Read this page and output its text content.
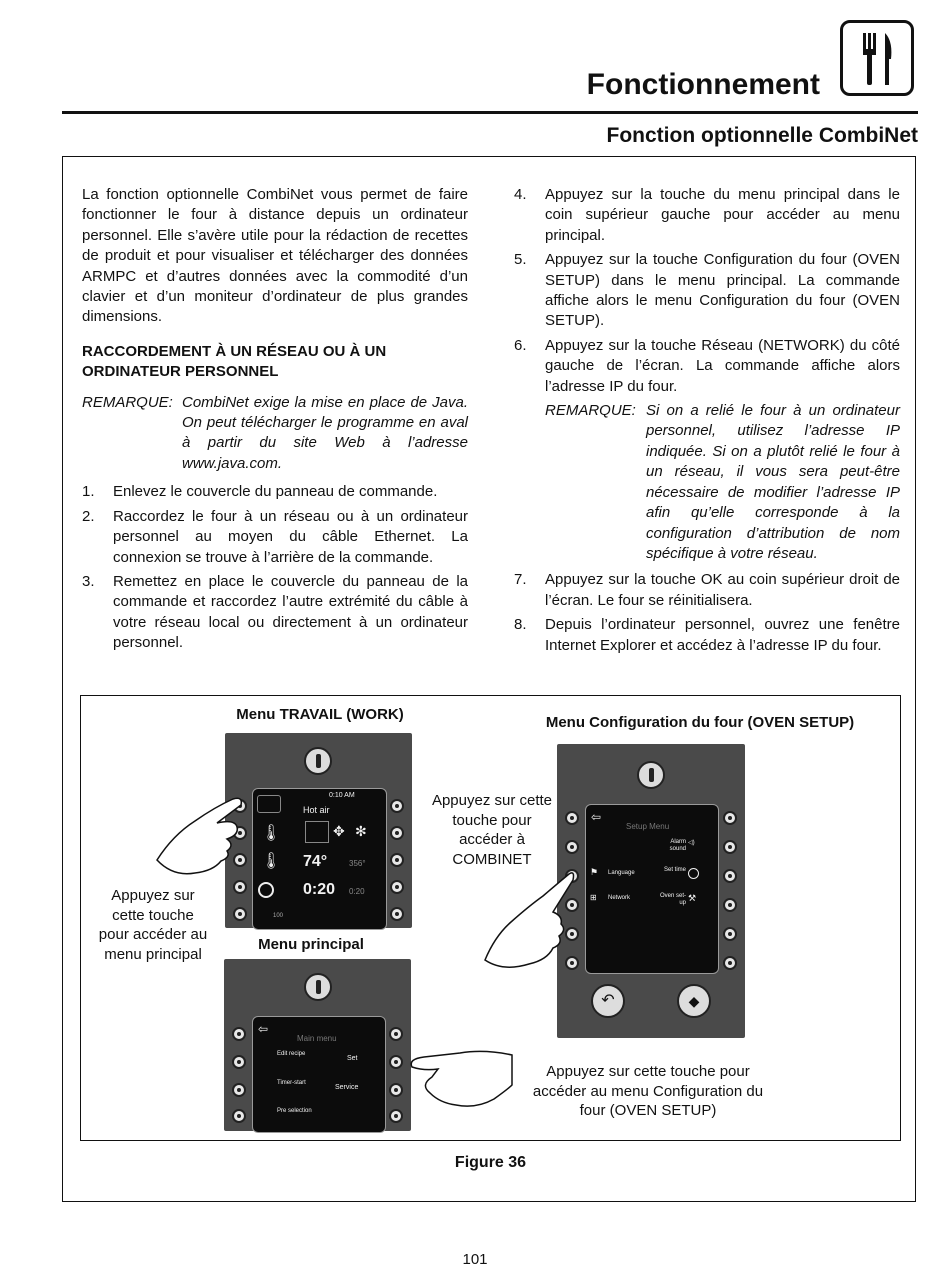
Fonctionnement
Fonction optionnelle CombiNet

La fonction optionnelle CombiNet vous permet de faire fonctionner le four à distance depuis un ordinateur personnel. Elle s’avère utile pour la rédaction de recettes de produit et pour visualiser et télécharger des données ARMPC et d’autres données avec la commodité d’un clavier et d’un moniteur d’ordinateur de plus grandes dimensions.

RACCORDEMENT À UN RÉSEAU OU À UN ORDINATEUR PERSONNEL

REMARQUE: CombiNet exige la mise en place de Java. On peut télécharger le programme en aval à partir du site Web à l’adresse www.java.com.
1.	Enlevez le couvercle du panneau de commande.
2.	Raccordez le four à un réseau ou à un ordinateur personnel au moyen du câble Ethernet. La connexion se trouve à l’arrière de la commande.
3.	Remettez en place le couvercle du panneau de la commande et raccordez l’autre extrémité du câble à votre réseau local ou directement à un ordinateur personnel.
4.	Appuyez sur la touche du menu principal dans le coin supérieur gauche pour accéder au menu principal.
5.	Appuyez sur la touche Configuration du four (OVEN SETUP) dans le menu principal. La commande affiche alors le menu Configuration du four (OVEN SETUP).
6.	Appuyez sur la touche Réseau (NETWORK) du côté gauche de l’écran. La commande affiche alors l’adresse IP du four.
REMARQUE: Si on a relié le four à un ordinateur personnel, utilisez l’adresse IP indiquée. Si on a plutôt relié le four à un réseau, il vous sera peut-être nécessaire de modifier l’adresse IP afin qu’elle corresponde à la configuration d’attribution de nom spécifique à votre réseau.
7.	Appuyez sur la touche OK au coin supérieur droit de l’écran. Le four se réinitialisera.
8.	Depuis l’ordinateur personnel, ouvrez une fenêtre Internet Explorer et accédez à l’adresse IP du four.
Menu TRAVAIL (WORK)	Menu Configuration du four (OVEN SETUP)
Menu principal
Appuyez sur cette touche pour accéder au menu principal
Appuyez sur cette touche pour accéder à COMBINET
Appuyez sur cette touche pour accéder au menu Configuration du four (OVEN SETUP)
0:10 AM
Hot air
🌡︎	✥ ✻
🌡︎ 74°	356°
0:20 0:20
100
⇦
Main menu
Edit recipe
Timer-start
Pre selection
Set
Service
⇦
Setup Menu
◁)
Alarm sound
⚑ Language	Set time
⊞ Network	Oven set-up ⚒
↶	◆
Figure 36
101
